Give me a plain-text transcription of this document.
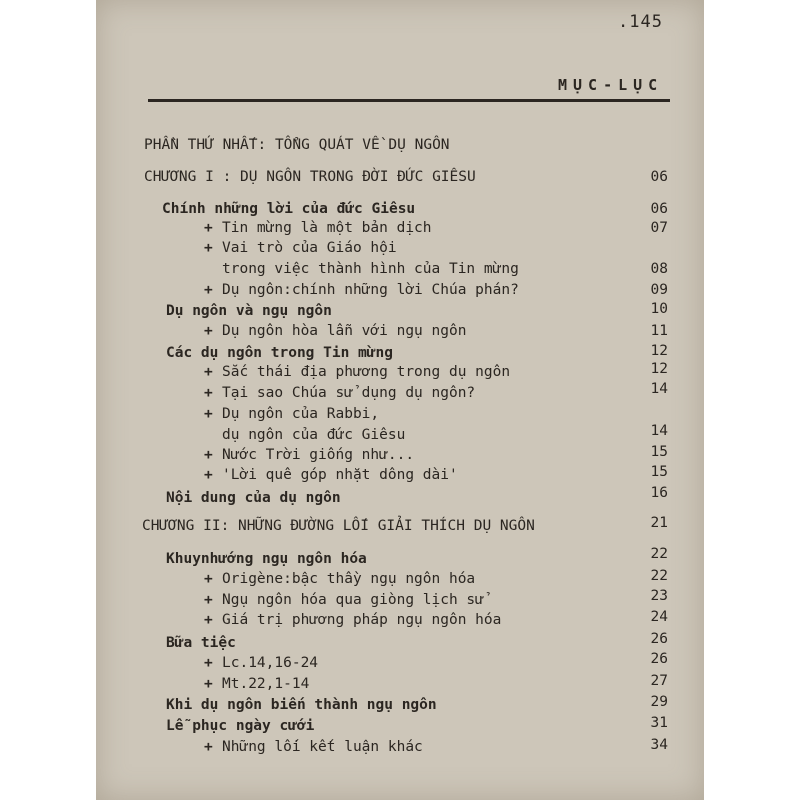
.145
MỤC-LỤC
PHẦN THỨ NHẤT: TỔNG QUÁT VỀ DỤ NGÔN
CHƯƠNG I : DỤ NGÔN TRONG ĐỜI ĐỨC GIÊSU	06
Chính những lời của đức Giêsu	06
+ Tin mừng là một bản dịch	07
+ Vai trò của Giáo hội
trong việc thành hình của Tin mừng	08
+ Dụ ngôn:chính những lời Chúa phán?	09
Dụ ngôn và ngụ ngôn	10
+ Dụ ngôn hòa lẫn với ngụ ngôn	11
Các dụ ngôn trong Tin mừng	12
+ Sắc thái địa phương trong dụ ngôn	12
+ Tại sao Chúa sử dụng dụ ngôn?	14
+ Dụ ngôn của Rabbi,
dụ ngôn của đức Giêsu	14
+ Nước Trời giống như...	15
+ 'Lời quê góp nhặt dông dài'	15
Nội dung của dụ ngôn	16
CHƯƠNG II: NHỮNG ĐƯỜNG LỐI GIẢI THÍCH DỤ NGÔN	21
Khuynhướng ngụ ngôn hóa	22
+ Origène:bậc thầy ngụ ngôn hóa	22
+ Ngụ ngôn hóa qua giòng lịch sử	23
+ Giá trị phương pháp ngụ ngôn hóa	24
Bữa tiệc	26
+ Lc.14,16-24	26
+ Mt.22,1-14	27
Khi dụ ngôn biến thành ngụ ngôn	29
Lễ phục ngày cưới	31
+ Những lối kết luận khác	34
